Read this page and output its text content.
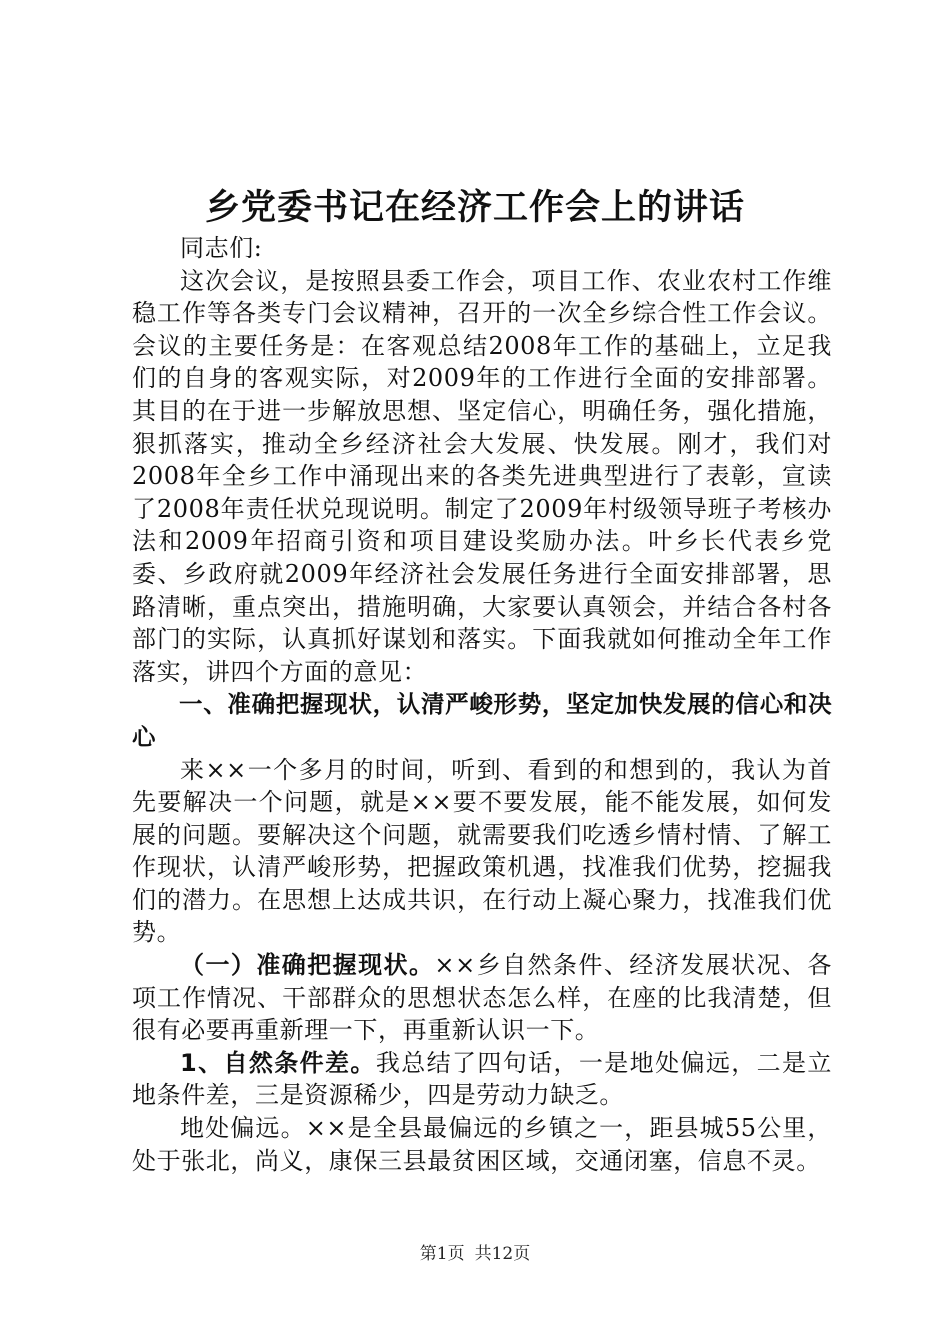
乡党委书记在经济工作会上的讲话

同志们:

这次会议，是按照县委工作会，项目工作、农业农村工作维稳工作等各类专门会议精神，召开的一次全乡综合性工作会议。会议的主要任务是：在客观总结2008年工作的基础上，立足我们的自身的客观实际，对2009年的工作进行全面的安排部署。其目的在于进一步解放思想、坚定信心，明确任务，强化措施，狠抓落实，推动全乡经济社会大发展、快发展。刚才，我们对2008年全乡工作中涌现出来的各类先进典型进行了表彰，宣读了2008年责任状兑现说明。制定了2009年村级领导班子考核办法和2009年招商引资和项目建设奖励办法。叶乡长代表乡党委、乡政府就2009年经济社会发展任务进行全面安排部署，思路清晰，重点突出，措施明确，大家要认真领会，并结合各村各部门的实际，认真抓好谋划和落实。下面我就如何推动全年工作落实，讲四个方面的意见：

一、准确把握现状，认清严峻形势，坚定加快发展的信心和决心

来××一个多月的时间，听到、看到的和想到的，我认为首先要解决一个问题，就是××要不要发展，能不能发展，如何发展的问题。要解决这个问题，就需要我们吃透乡情村情、了解工作现状，认清严峻形势，把握政策机遇，找准我们优势，挖掘我们的潜力。在思想上达成共识，在行动上凝心聚力，找准我们优势。

（一）准确把握现状。××乡自然条件、经济发展状况、各项工作情况、干部群众的思想状态怎么样，在座的比我清楚，但很有必要再重新理一下，再重新认识一下。

1、自然条件差。我总结了四句话，一是地处偏远，二是立地条件差，三是资源稀少，四是劳动力缺乏。

地处偏远。××是全县最偏远的乡镇之一，距县城55公里，处于张北，尚义，康保三县最贫困区域，交通闭塞，信息不灵。

第1页 共12页
